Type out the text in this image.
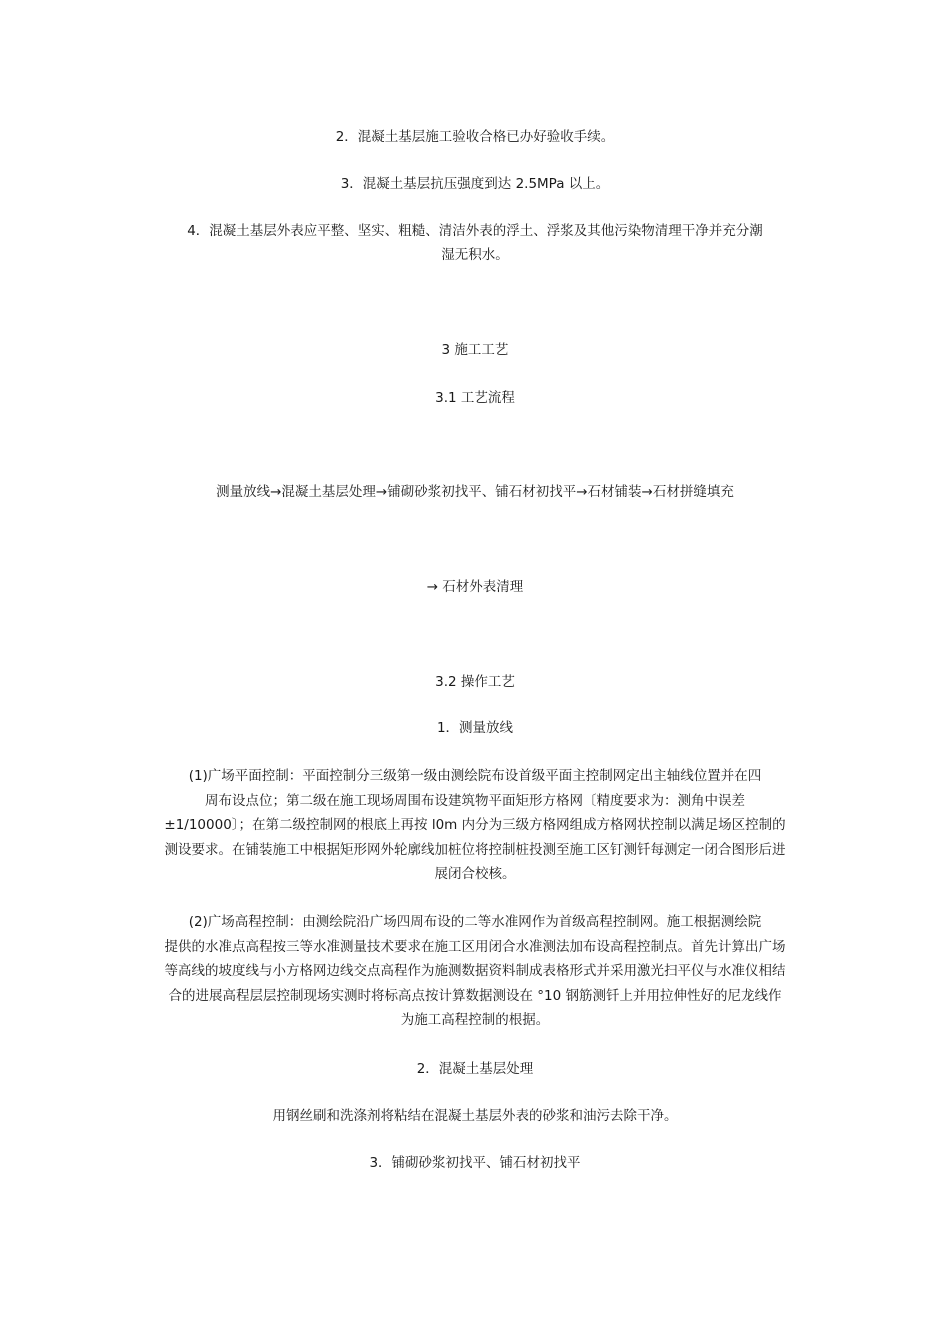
2．混凝土基层施工验收合格已办好验收手续。
3．混凝土基层抗压强度到达 2.5MPa 以上。
4．混凝土基层外表应平整、坚实、粗糙、清洁外表的浮土、浮浆及其他污染物清理干净并充分潮
湿无积水。
3 施工工艺
3.1 工艺流程
测量放线→混凝土基层处理→铺砌砂浆初找平、铺石材初找平→石材铺装→石材拼缝填充
→ 石材外表清理
3.2 操作工艺
1．测量放线
(1)广场平面控制：平面控制分三级第一级由测绘院布设首级平面主控制网定出主轴线位置并在四
周布设点位；第二级在施工现场周围布设建筑物平面矩形方格网〔精度要求为：测角中误差
±1/10000〕；在第二级控制网的根底上再按 l0m 内分为三级方格网组成方格网状控制以满足场区控制的
测设要求。在铺装施工中根据矩形网外轮廓线加桩位将控制桩投测至施工区钉测钎每测定一闭合图形后进
展闭合校核。
(2)广场高程控制：由测绘院沿广场四周布设的二等水准网作为首级高程控制网。施工根据测绘院
提供的水准点高程按三等水准测量技术要求在施工区用闭合水准测法加布设高程控制点。首先计算出广场
等高线的坡度线与小方格网边线交点高程作为施测数据资料制成表格形式并采用激光扫平仪与水准仪相结
合的进展高程层层控制现场实测时将标高点按计算数据测设在 °10 钢筋测钎上并用拉伸性好的尼龙线作
为施工高程控制的根据。
2．混凝土基层处理
用钢丝刷和洗涤剂将粘结在混凝土基层外表的砂浆和油污去除干净。
3．铺砌砂浆初找平、铺石材初找平
